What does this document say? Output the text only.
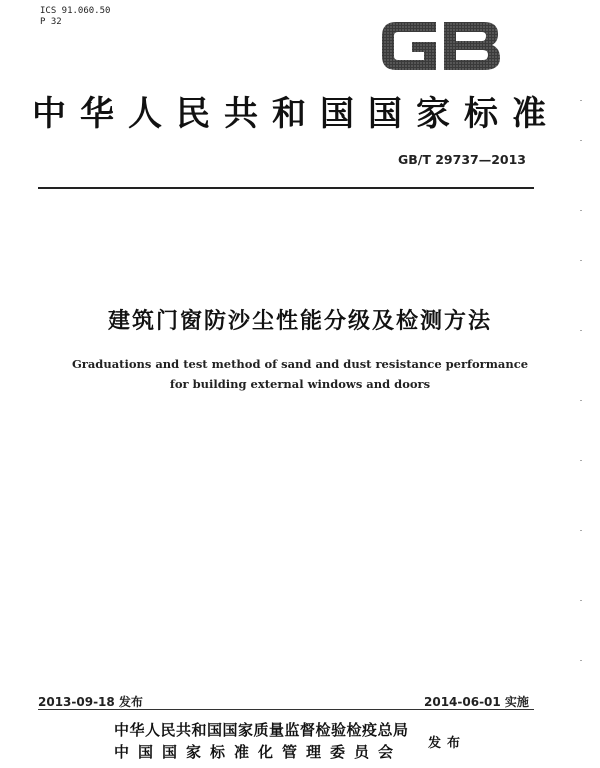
ICS 91.060.50
P 32
中华人民共和国国家标准
GB/T 29737—2013
建筑门窗防沙尘性能分级及检测方法
Graduations and test method of sand and dust resistance performance
for building external windows and doors
2013-09-18 发布	2014-06-01 实施
中华人民共和国国家质量监督检验检疫总局
中国国家标准化管理委员会 发布
